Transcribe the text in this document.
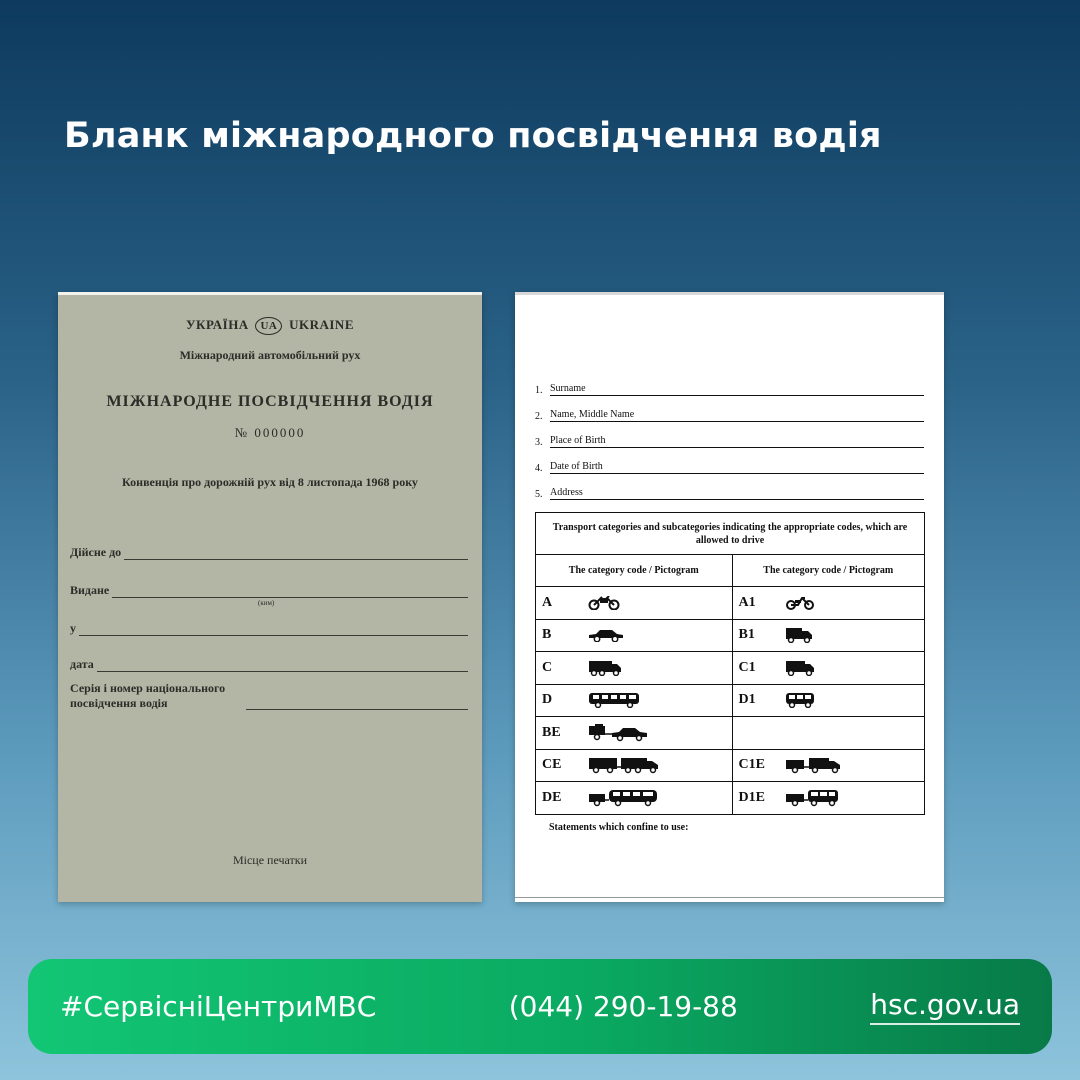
Бланк міжнародного посвідчення водія
УКРАЇНА UA UKRAINE
Міжнародний автомобільний рух
МІЖНАРОДНЕ ПОСВІДЧЕННЯ ВОДІЯ
№ 000000
Конвенція про дорожній рух від 8 листопада 1968 року
Дійсне до
Видане
(ким)
у
дата
Серія і номер національного посвідчення водія
Місце печатки
1. Surname
2. Name, Middle Name
3. Place of Birth
4. Date of Birth
5. Address
Transport categories and subcategories indicating the appropriate codes, which are allowed to drive	
The category code / Pictogram	The category code / Pictogram

A	A1

B	B1

C	C1

D	D1

BE	

CE	C1E

DE	D1E
Statements which confine to use:
#СервісніЦентриМВС	(044) 290-19-88	hsc.gov.ua
